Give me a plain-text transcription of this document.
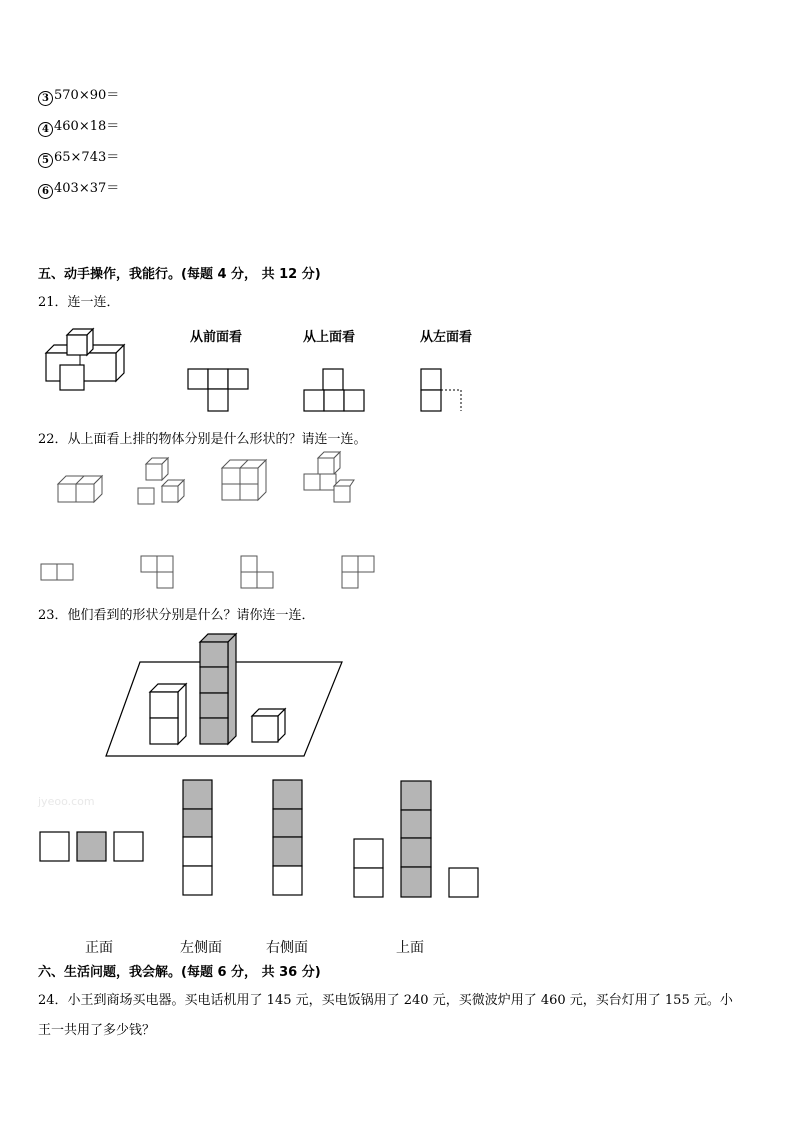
3 570×90＝
4 460×18＝
5 65×743＝
6 403×37＝
五、动手操作，我能行。(每题 4 分， 共 12 分)
21．连一连．
从前面看	从上面看	从左面看
22．从上面看上排的物体分别是什么形状的？请连一连。
23．他们看到的形状分别是什么？请你连一连．
jyeoo.com
正面	左侧面	右侧面	上面
六、生活问题，我会解。(每题 6 分， 共 36 分)
24．小王到商场买电器。买电话机用了 145 元，买电饭锅用了 240 元，买微波炉用了 460 元，买台灯用了 155 元。小
王一共用了多少钱？
